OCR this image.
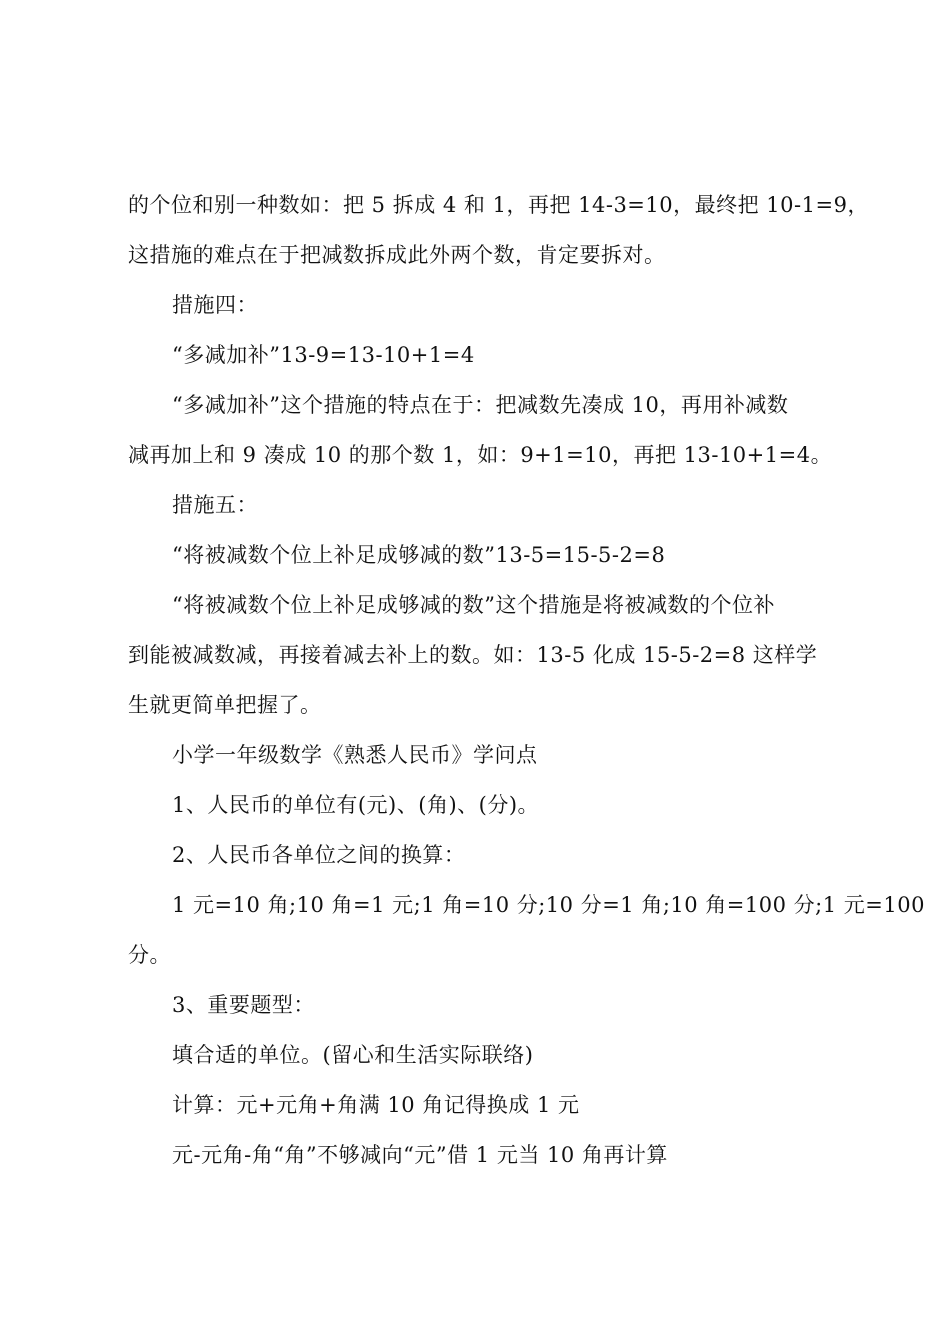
的个位和别一种数如：把 5 拆成 4 和 1，再把 14-3=10，最终把 10-1=9，

这措施的难点在于把减数拆成此外两个数，肯定要拆对。

措施四：

“多减加补”13-9=13-10+1=4

“多减加补”这个措施的特点在于：把减数先凑成 10，再用补减数

减再加上和 9 凑成 10 的那个数 1，如：9+1=10，再把 13-10+1=4。

措施五：

“将被减数个位上补足成够减的数”13-5=15-5-2=8

“将被减数个位上补足成够减的数”这个措施是将被减数的个位补

到能被减数减，再接着减去补上的数。如：13-5 化成 15-5-2=8 这样学

生就更简单把握了。

小学一年级数学《熟悉人民币》学问点

1、人民币的单位有(元)、(角)、(分)。

2、人民币各单位之间的换算：

1 元=10 角;10 角=1 元;1 角=10 分;10 分=1 角;10 角=100 分;1 元=100

分。

3、重要题型：

填合适的单位。(留心和生活实际联络)

计算：元+元角+角满 10 角记得换成 1 元

元-元角-角“角”不够减向“元”借 1 元当 10 角再计算
